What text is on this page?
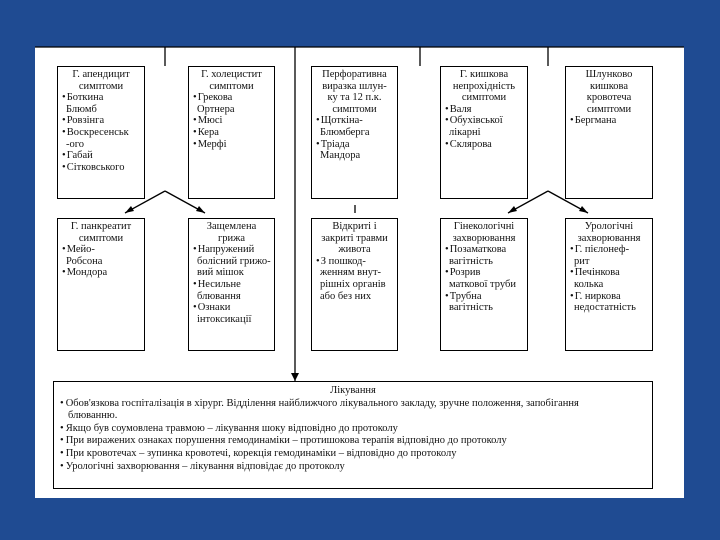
Г. апендицит
симптоми
• Боткина
Блюмб
• Ровзінга
• Воскресенськ
-ого
• Габай
• Сітковського
Г. холецистит
симптоми
• Грекова
Ортнера
• Мюсі
• Кера
• Мерфі
Перфоративна
виразка шлун-
ку та 12 п.к.
симптоми
• Щоткіна-
Блюмберга
• Тріада
Мандора
Г. кишкова
непрохідність
симптоми
• Валя
• Обухівської
лікарні
• Склярова
Шлунково
кишкова
кровотеча
симптоми
• Бергмана
Г. панкреатит
симптоми
• Мейо-
Робсона
• Мондора
Защемлена
грижа
• Напружений
болісний грижо-
вий мішок
• Несильне
блювання
• Ознаки
інтоксикації
Відкриті і
закриті травми
живота
• З пошкод-
женням внут-
рішніх органів
або без них
Гінекологічні
захворювання
• Позаматкова
вагітність
• Розрив
маткової труби
• Трубна
вагітність
Урологічні
захворювання
• Г. пієлонеф-
рит
• Печінкова
колька
• Г. ниркова
недостатність
Лікування
• Обов'язкова госпіталізація в хірург. Відділення найближчого лікувального закладу, зручне положення, запобігання
блюванню.
• Якщо був соумовлена травмою – лікування шоку відповідно до протоколу
• При виражених ознаках порушення гемодинаміки – протишокова терапія відповідно до протоколу
• При кровотечах – зупинка кровотечі, корекція гемодинаміки – відповідно до протоколу
• Урологічні захворювання – лікування відповідає до протоколу
